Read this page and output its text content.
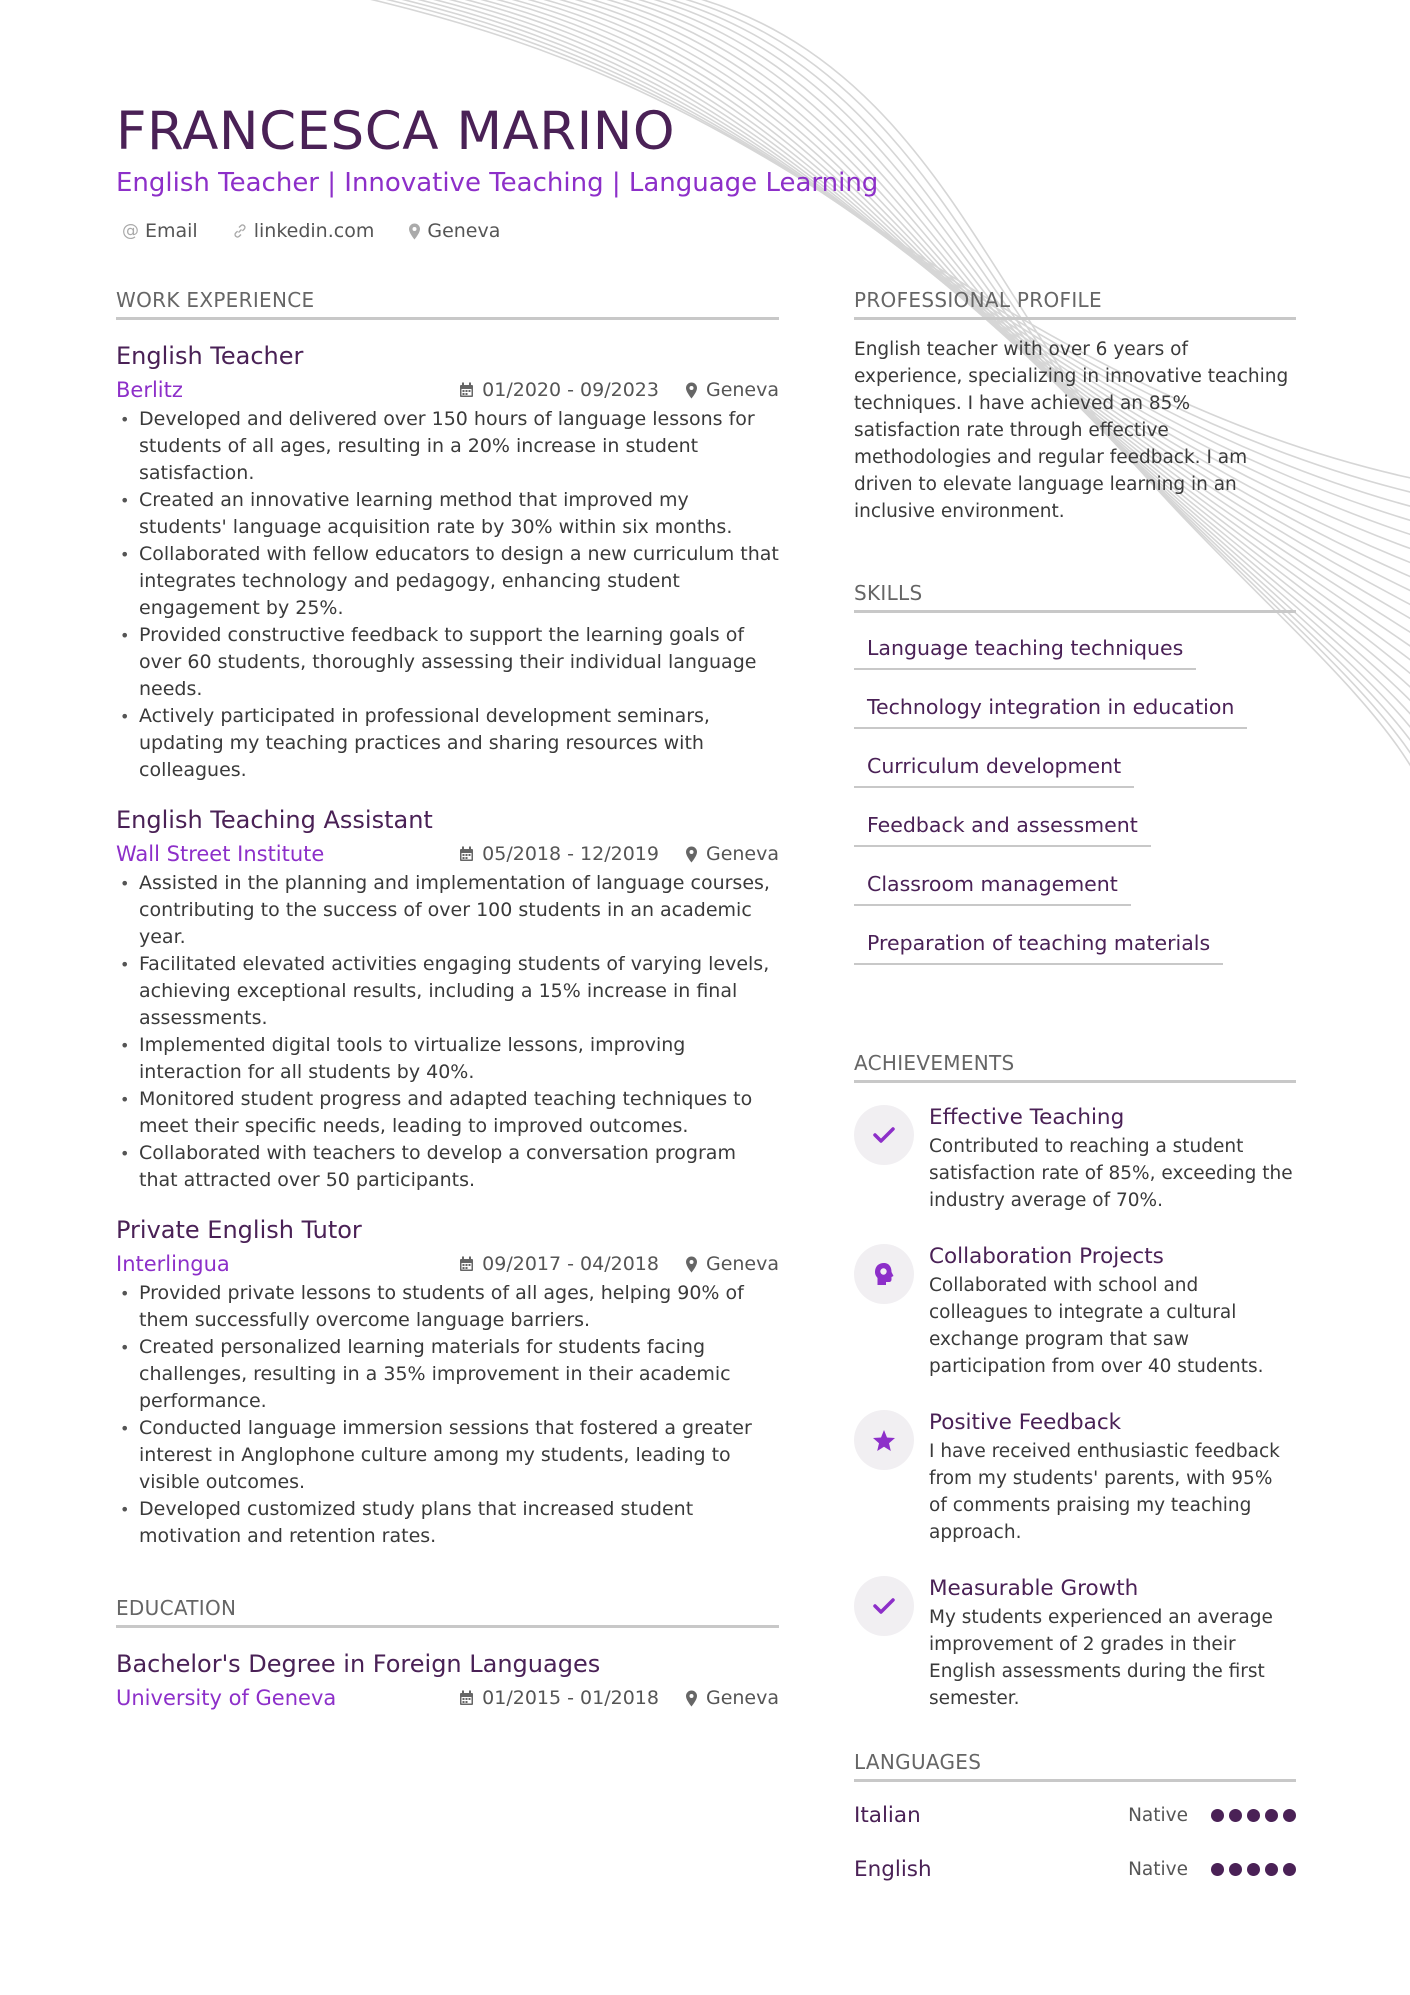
FRANCESCA MARINO
English Teacher | Innovative Teaching | Language Learning
@ Email	linkedin.com	Geneva
WORK EXPERIENCE
English Teacher
Berlitz	01/2020 - 09/2023 Geneva
• Developed and delivered over 150 hours of language lessons for students of all ages, resulting in a 20% increase in student satisfaction.
• Created an innovative learning method that improved my students' language acquisition rate by 30% within six months.
• Collaborated with fellow educators to design a new curriculum that integrates technology and pedagogy, enhancing student engagement by 25%.
• Provided constructive feedback to support the learning goals of over 60 students, thoroughly assessing their individual language needs.
• Actively participated in professional development seminars, updating my teaching practices and sharing resources with colleagues.
English Teaching Assistant
Wall Street Institute	05/2018 - 12/2019 Geneva
• Assisted in the planning and implementation of language courses, contributing to the success of over 100 students in an academic year.
• Facilitated elevated activities engaging students of varying levels, achieving exceptional results, including a 15% increase in final assessments.
• Implemented digital tools to virtualize lessons, improving interaction for all students by 40%.
• Monitored student progress and adapted teaching techniques to meet their specific needs, leading to improved outcomes.
• Collaborated with teachers to develop a conversation program that attracted over 50 participants.
Private English Tutor
Interlingua	09/2017 - 04/2018 Geneva
• Provided private lessons to students of all ages, helping 90% of them successfully overcome language barriers.
• Created personalized learning materials for students facing challenges, resulting in a 35% improvement in their academic performance.
• Conducted language immersion sessions that fostered a greater interest in Anglophone culture among my students, leading to visible outcomes.
• Developed customized study plans that increased student motivation and retention rates.
EDUCATION
Bachelor's Degree in Foreign Languages
University of Geneva	01/2015 - 01/2018 Geneva
PROFESSIONAL PROFILE
English teacher with over 6 years of experience, specializing in innovative teaching techniques. I have achieved an 85% satisfaction rate through effective methodologies and regular feedback. I am driven to elevate language learning in an inclusive environment.
SKILLS
Language teaching techniques
Technology integration in education
Curriculum development
Feedback and assessment
Classroom management
Preparation of teaching materials
ACHIEVEMENTS
Effective Teaching
Contributed to reaching a student satisfaction rate of 85%, exceeding the industry average of 70%.
Collaboration Projects
Collaborated with school and colleagues to integrate a cultural exchange program that saw participation from over 40 students.
Positive Feedback
I have received enthusiastic feedback from my students' parents, with 95% of comments praising my teaching approach.
Measurable Growth
My students experienced an average improvement of 2 grades in their English assessments during the first semester.
LANGUAGES
Italian	Native
English	Native
